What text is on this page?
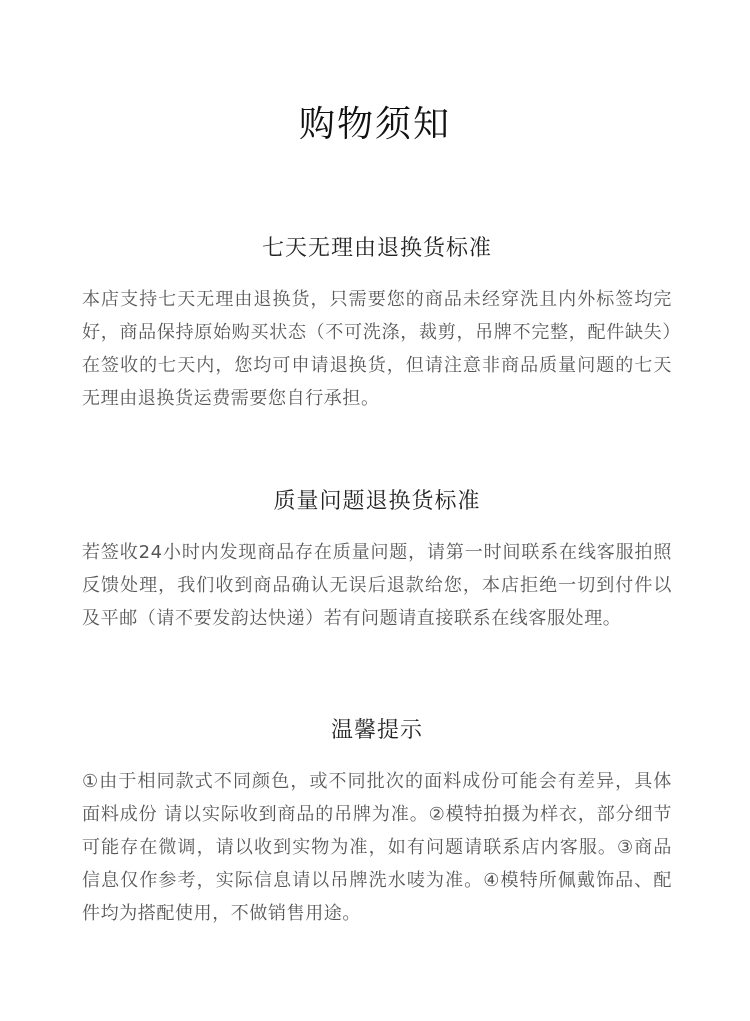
购物须知
七天无理由退换货标准

本店支持七天无理由退换货，只需要您的商品未经穿洗且内外标签均完好，商品保持原始购买状态（不可洗涤，裁剪，吊牌不完整，配件缺失）在签收的七天内，您均可申请退换货，但请注意非商品质量问题的七天无理由退换货运费需要您自行承担。

质量问题退换货标准

若签收24小时内发现商品存在质量问题，请第一时间联系在线客服拍照反馈处理，我们收到商品确认无误后退款给您，本店拒绝一切到付件以及平邮（请不要发韵达快递）若有问题请直接联系在线客服处理。

温馨提示

①由于相同款式不同颜色，或不同批次的面料成份可能会有差异，具体面料成份 请以实际收到商品的吊牌为准。②模特拍摄为样衣，部分细节可能存在微调，请以收到实物为准，如有问题请联系店内客服。③商品信息仅作参考，实际信息请以吊牌洗水唛为准。④模特所佩戴饰品、配件均为搭配使用，不做销售用途。
